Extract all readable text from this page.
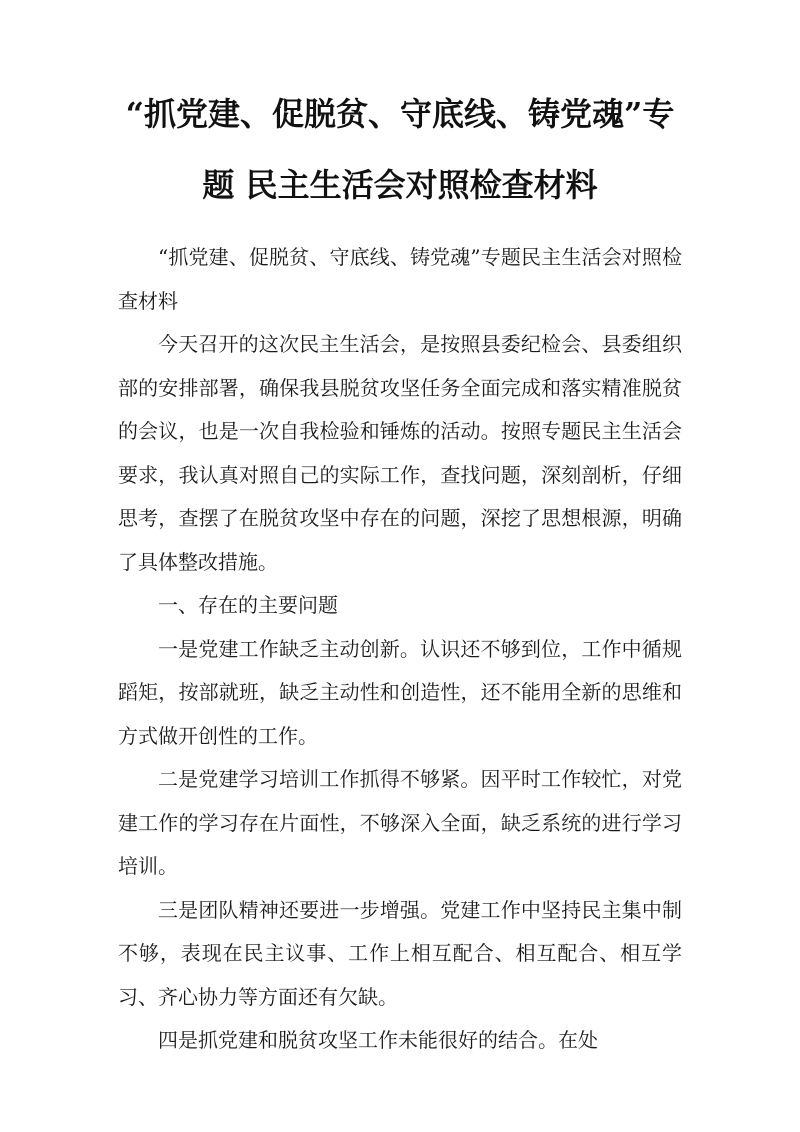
“抓党建、促脱贫、守底线、铸党魂”专
题 民主生活会对照检查材料

“抓党建、促脱贫、守底线、铸党魂”专题民主生活会对照检查材料

今天召开的这次民主生活会，是按照县委纪检会、县委组织部的安排部署，确保我县脱贫攻坚任务全面完成和落实精准脱贫的会议，也是一次自我检验和锤炼的活动。按照专题民主生活会要求，我认真对照自己的实际工作，查找问题，深刻剖析，仔细思考，查摆了在脱贫攻坚中存在的问题，深挖了思想根源，明确了具体整改措施。

一、存在的主要问题

一是党建工作缺乏主动创新。认识还不够到位，工作中循规蹈矩，按部就班，缺乏主动性和创造性，还不能用全新的思维和方式做开创性的工作。

二是党建学习培训工作抓得不够紧。因平时工作较忙，对党建工作的学习存在片面性，不够深入全面，缺乏系统的进行学习培训。

三是团队精神还要进一步增强。党建工作中坚持民主集中制不够，表现在民主议事、工作上相互配合、相互配合、相互学习、齐心协力等方面还有欠缺。

四是抓党建和脱贫攻坚工作未能很好的结合。在处
